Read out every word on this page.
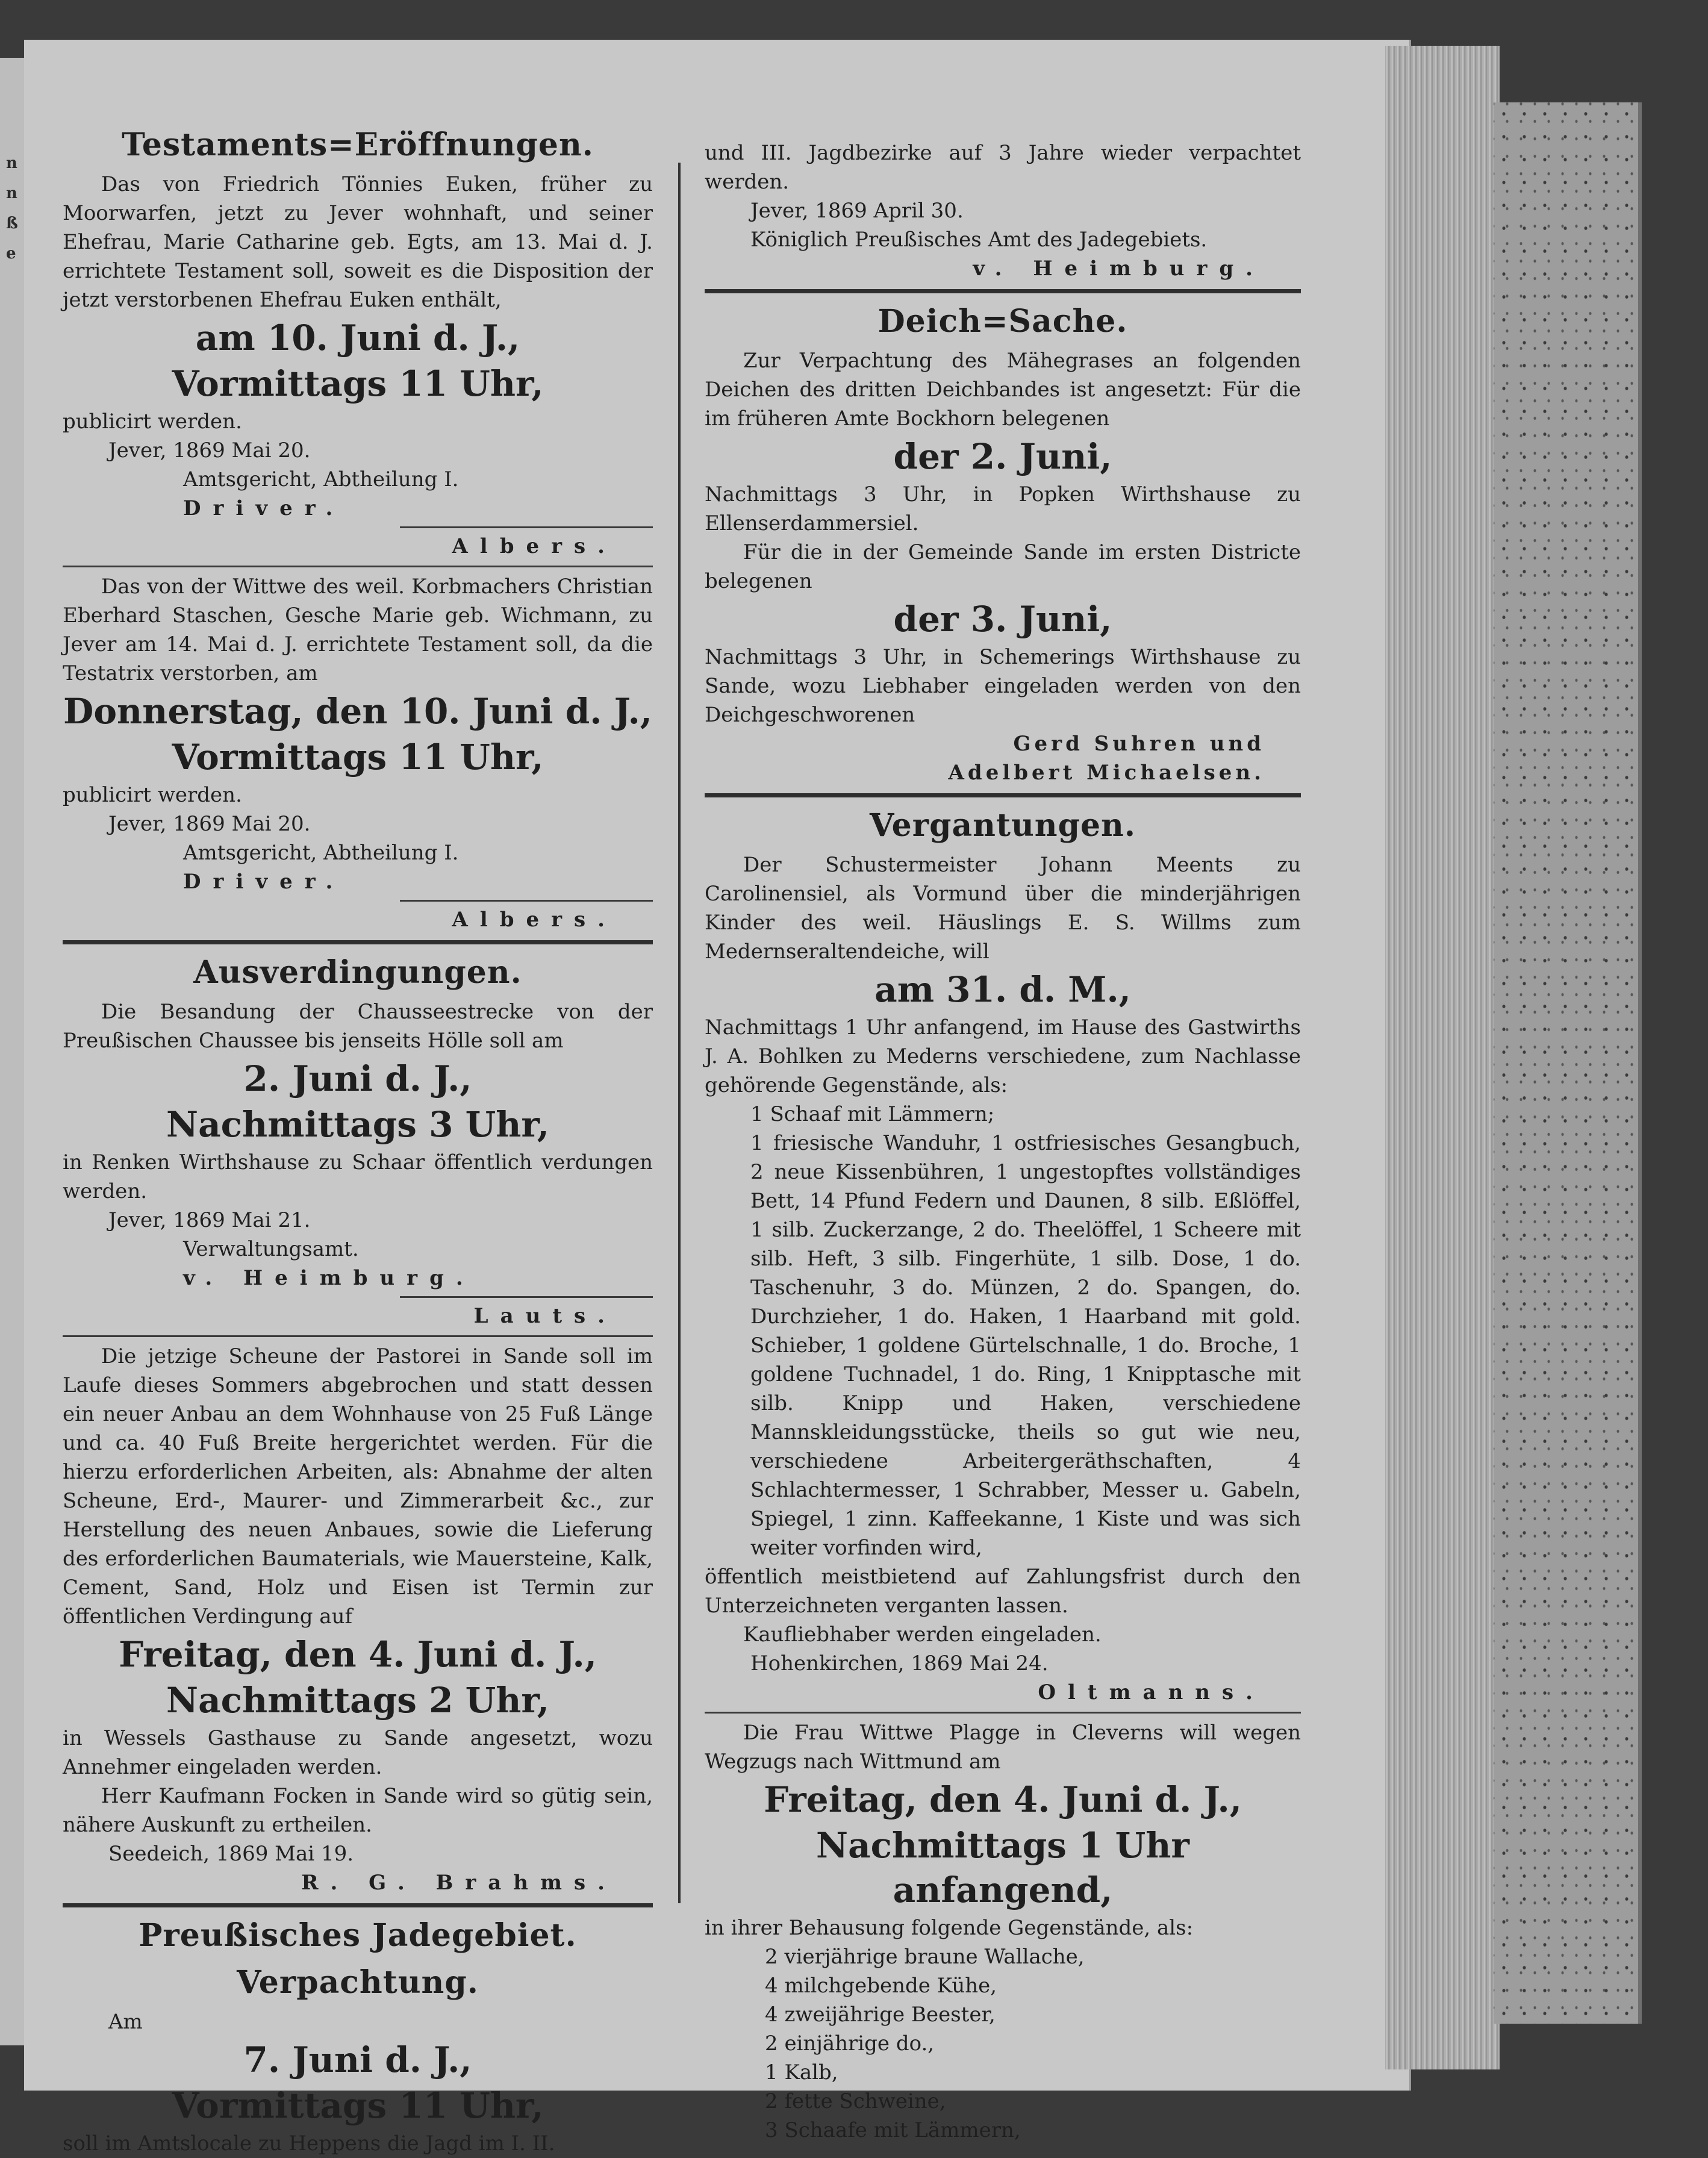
n
n
ß
e
Testaments=Eröffnungen.

Das von Friedrich Tönnies Euken, früher zu Moorwarfen, jetzt zu Jever wohnhaft, und seiner Ehefrau, Marie Catharine geb. Egts, am 13. Mai d. J. errichtete Testament soll, soweit es die Disposition der jetzt verstorbenen Ehefrau Euken enthält,

am 10. Juni d. J.,
Vormittags 11 Uhr,

publicirt werden.

Jever, 1869 Mai 20.

Amtsgericht, Abtheilung I.

Driver.

Albers.

Das von der Wittwe des weil. Korbmachers Christian Eberhard Staschen, Gesche Marie geb. Wichmann, zu Jever am 14. Mai d. J. errichtete Testament soll, da die Testatrix verstorben, am

Donnerstag, den 10. Juni d. J.,
Vormittags 11 Uhr,

publicirt werden.

Jever, 1869 Mai 20.

Amtsgericht, Abtheilung I.

Driver.

Albers.

Ausverdingungen.

Die Besandung der Chausseestrecke von der Preußischen Chaussee bis jenseits Hölle soll am

2. Juni d. J.,
Nachmittags 3 Uhr,

in Renken Wirthshause zu Schaar öffentlich verdungen werden.

Jever, 1869 Mai 21.

Verwaltungsamt.

v. Heimburg.

Lauts.

Die jetzige Scheune der Pastorei in Sande soll im Laufe dieses Sommers abgebrochen und statt dessen ein neuer Anbau an dem Wohnhause von 25 Fuß Länge und ca. 40 Fuß Breite hergerichtet werden. Für die hierzu erforderlichen Arbeiten, als: Abnahme der alten Scheune, Erd-, Maurer- und Zimmerarbeit &c., zur Herstellung des neuen Anbaues, sowie die Lieferung des erforderlichen Baumaterials, wie Mauersteine, Kalk, Cement, Sand, Holz und Eisen ist Termin zur öffentlichen Verdingung auf

Freitag, den 4. Juni d. J.,
Nachmittags 2 Uhr,

in Wessels Gasthause zu Sande angesetzt, wozu Annehmer eingeladen werden.

Herr Kaufmann Focken in Sande wird so gütig sein, nähere Auskunft zu ertheilen.

Seedeich, 1869 Mai 19.

R. G. Brahms.

Preußisches Jadegebiet.
Verpachtung.

Am

7. Juni d. J.,
Vormittags 11 Uhr,

soll im Amtslocale zu Heppens die Jagd im I. II.

und III. Jagdbezirke auf 3 Jahre wieder verpachtet werden.

Jever, 1869 April 30.

Königlich Preußisches Amt des Jadegebiets.

v. Heimburg.

Deich=Sache.

Zur Verpachtung des Mähegrases an folgenden Deichen des dritten Deichbandes ist angesetzt: Für die im früheren Amte Bockhorn belegenen

der 2. Juni,

Nachmittags 3 Uhr, in Popken Wirthshause zu Ellenserdammersiel.

Für die in der Gemeinde Sande im ersten Districte belegenen

der 3. Juni,

Nachmittags 3 Uhr, in Schemerings Wirthshause zu Sande, wozu Liebhaber eingeladen werden von den Deichgeschworenen

Gerd Suhren und

Adelbert Michaelsen.

Vergantungen.

Der Schustermeister Johann Meents zu Carolinensiel, als Vormund über die minderjährigen Kinder des weil. Häuslings E. S. Willms zum Medernseraltendeiche, will

am 31. d. M.,

Nachmittags 1 Uhr anfangend, im Hause des Gastwirths J. A. Bohlken zu Mederns verschiedene, zum Nachlasse gehörende Gegenstände, als:

1 Schaaf mit Lämmern;

1 friesische Wanduhr, 1 ostfriesisches Gesangbuch, 2 neue Kissenbühren, 1 ungestopftes vollständiges Bett, 14 Pfund Federn und Daunen, 8 silb. Eßlöffel, 1 silb. Zuckerzange, 2 do. Theelöffel, 1 Scheere mit silb. Heft, 3 silb. Fingerhüte, 1 silb. Dose, 1 do. Taschenuhr, 3 do. Münzen, 2 do. Spangen, do. Durchzieher, 1 do. Haken, 1 Haarband mit gold. Schieber, 1 goldene Gürtelschnalle, 1 do. Broche, 1 goldene Tuchnadel, 1 do. Ring, 1 Knipptasche mit silb. Knipp und Haken, verschiedene Mannskleidungsstücke, theils so gut wie neu, verschiedene Arbeitergeräthschaften, 4 Schlachtermesser, 1 Schrabber, Messer u. Gabeln, Spiegel, 1 zinn. Kaffeekanne, 1 Kiste und was sich weiter vorfinden wird,

öffentlich meistbietend auf Zahlungsfrist durch den Unterzeichneten verganten lassen.

Kaufliebhaber werden eingeladen.

Hohenkirchen, 1869 Mai 24.

Oltmanns.

Die Frau Wittwe Plagge in Cleverns will wegen Wegzugs nach Wittmund am

Freitag, den 4. Juni d. J.,
Nachmittags 1 Uhr anfangend,

in ihrer Behausung folgende Gegenstände, als:

2 vierjährige braune Wallache,
4 milchgebende Kühe,
4 zweijährige Beester,
2 einjährige do.,
1 Kalb,
2 fette Schweine,
3 Schaafe mit Lämmern,
